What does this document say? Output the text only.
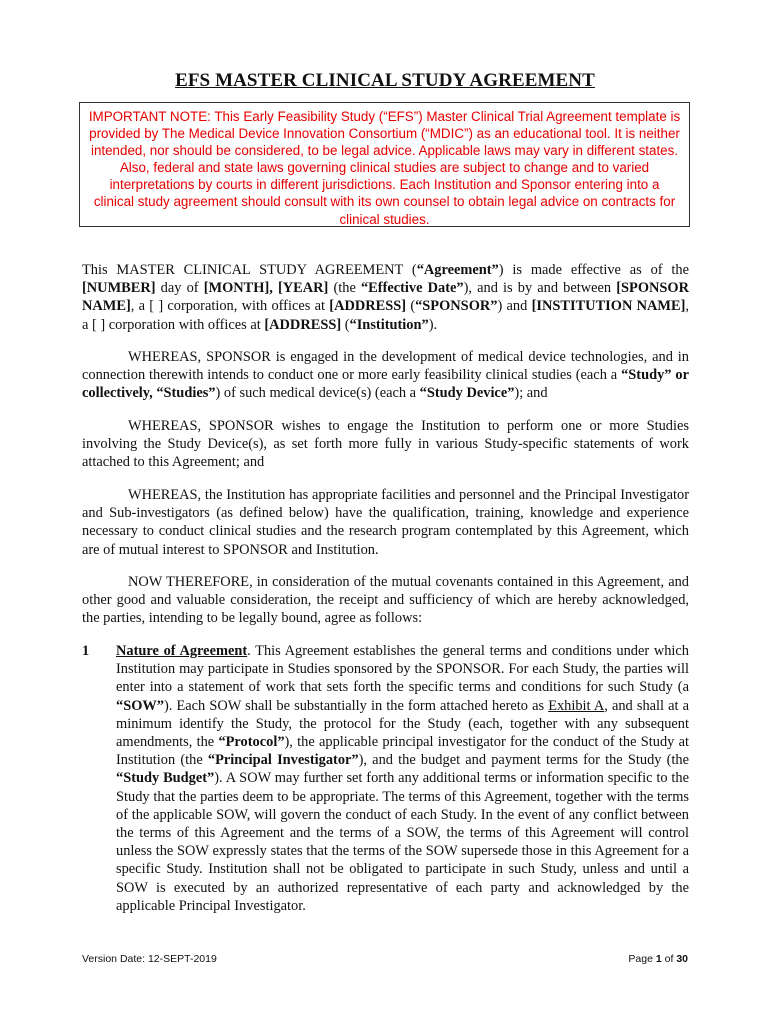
EFS MASTER CLINICAL STUDY AGREEMENT
IMPORTANT NOTE: This Early Feasibility Study (“EFS”) Master Clinical Trial Agreement template is provided by The Medical Device Innovation Consortium (“MDIC”) as an educational tool. It is neither intended, nor should be considered, to be legal advice. Applicable laws may vary in different states. Also, federal and state laws governing clinical studies are subject to change and to varied interpretations by courts in different jurisdictions. Each Institution and Sponsor entering into a clinical study agreement should consult with its own counsel to obtain legal advice on contracts for clinical studies.
This MASTER CLINICAL STUDY AGREEMENT (“Agreement”) is made effective as of the [NUMBER] day of [MONTH], [YEAR] (the “Effective Date”), and is by and between [SPONSOR NAME], a [ ] corporation, with offices at [ADDRESS] (“SPONSOR”) and [INSTITUTION NAME], a [ ] corporation with offices at [ADDRESS] (“Institution”).
WHEREAS, SPONSOR is engaged in the development of medical device technologies, and in connection therewith intends to conduct one or more early feasibility clinical studies (each a “Study” or collectively, “Studies”) of such medical device(s) (each a “Study Device”); and
WHEREAS, SPONSOR wishes to engage the Institution to perform one or more Studies involving the Study Device(s), as set forth more fully in various Study-specific statements of work attached to this Agreement; and
WHEREAS, the Institution has appropriate facilities and personnel and the Principal Investigator and Sub-investigators (as defined below) have the qualification, training, knowledge and experience necessary to conduct clinical studies and the research program contemplated by this Agreement, which are of mutual interest to SPONSOR and Institution.
NOW THEREFORE, in consideration of the mutual covenants contained in this Agreement, and other good and valuable consideration, the receipt and sufficiency of which are hereby acknowledged, the parties, intending to be legally bound, agree as follows:
1 Nature of Agreement. This Agreement establishes the general terms and conditions under which Institution may participate in Studies sponsored by the SPONSOR. For each Study, the parties will enter into a statement of work that sets forth the specific terms and conditions for such Study (a “SOW”). Each SOW shall be substantially in the form attached hereto as Exhibit A, and shall at a minimum identify the Study, the protocol for the Study (each, together with any subsequent amendments, the “Protocol”), the applicable principal investigator for the conduct of the Study at Institution (the “Principal Investigator”), and the budget and payment terms for the Study (the “Study Budget”). A SOW may further set forth any additional terms or information specific to the Study that the parties deem to be appropriate. The terms of this Agreement, together with the terms of the applicable SOW, will govern the conduct of each Study. In the event of any conflict between the terms of this Agreement and the terms of a SOW, the terms of this Agreement will control unless the SOW expressly states that the terms of the SOW supersede those in this Agreement for a specific Study. Institution shall not be obligated to participate in such Study, unless and until a SOW is executed by an authorized representative of each party and acknowledged by the applicable Principal Investigator.
Version Date: 12-SEPT-2019	Page 1 of 30
